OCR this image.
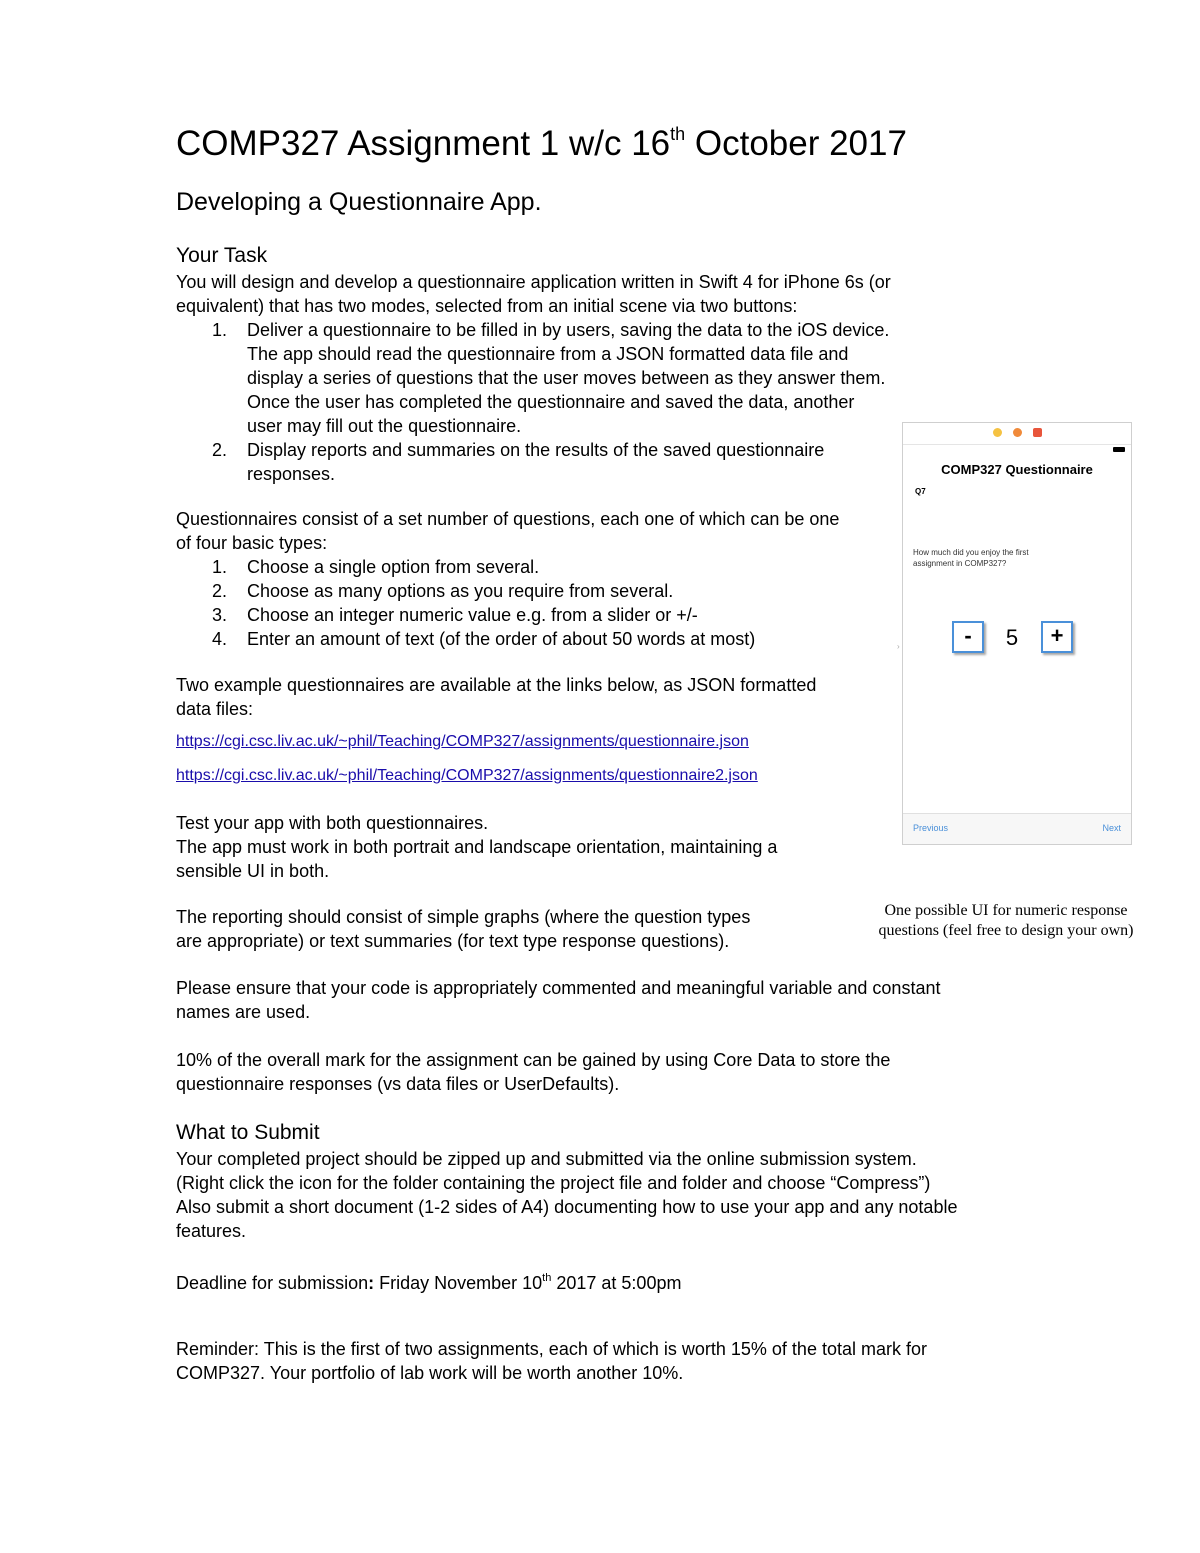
COMP327 Assignment 1 w/c 16th October 2017
Developing a Questionnaire App.
Your Task
You will design and develop a questionnaire application written in Swift 4 for iPhone 6s (or
equivalent) that has two modes, selected from an initial scene via two buttons:
1. Deliver a questionnaire to be filled in by users, saving the data to the iOS device.
The app should read the questionnaire from a JSON formatted data file and
display a series of questions that the user moves between as they answer them.
Once the user has completed the questionnaire and saved the data, another
user may fill out the questionnaire.
2. Display reports and summaries on the results of the saved questionnaire
responses.
Questionnaires consist of a set number of questions, each one of which can be one
of four basic types:
1. Choose a single option from several.
2. Choose as many options as you require from several.
3. Choose an integer numeric value e.g. from a slider or +/-
4. Enter an amount of text (of the order of about 50 words at most)
Two example questionnaires are available at the links below, as JSON formatted
data files:
https://cgi.csc.liv.ac.uk/~phil/Teaching/COMP327/assignments/questionnaire.json
https://cgi.csc.liv.ac.uk/~phil/Teaching/COMP327/assignments/questionnaire2.json
Test your app with both questionnaires.
The app must work in both portrait and landscape orientation, maintaining a
sensible UI in both.
The reporting should consist of simple graphs (where the question types
are appropriate) or text summaries (for text type response questions).
Please ensure that your code is appropriately commented and meaningful variable and constant
names are used.
10% of the overall mark for the assignment can be gained by using Core Data to store the
questionnaire responses (vs data files or UserDefaults).
What to Submit
Your completed project should be zipped up and submitted via the online submission system.
(Right click the icon for the folder containing the project file and folder and choose “Compress”)
Also submit a short document (1-2 sides of A4) documenting how to use your app and any notable
features.
Deadline for submission: Friday November 10th 2017 at 5:00pm
Reminder: This is the first of two assignments, each of which is worth 15% of the total mark for
COMP327. Your portfolio of lab work will be worth another 10%.
COMP327 Questionnaire
Q7
How much did you enjoy the first assignment in COMP327?
-	5	+
›
Previous	Next
One possible UI for numeric response
questions (feel free to design your own)
